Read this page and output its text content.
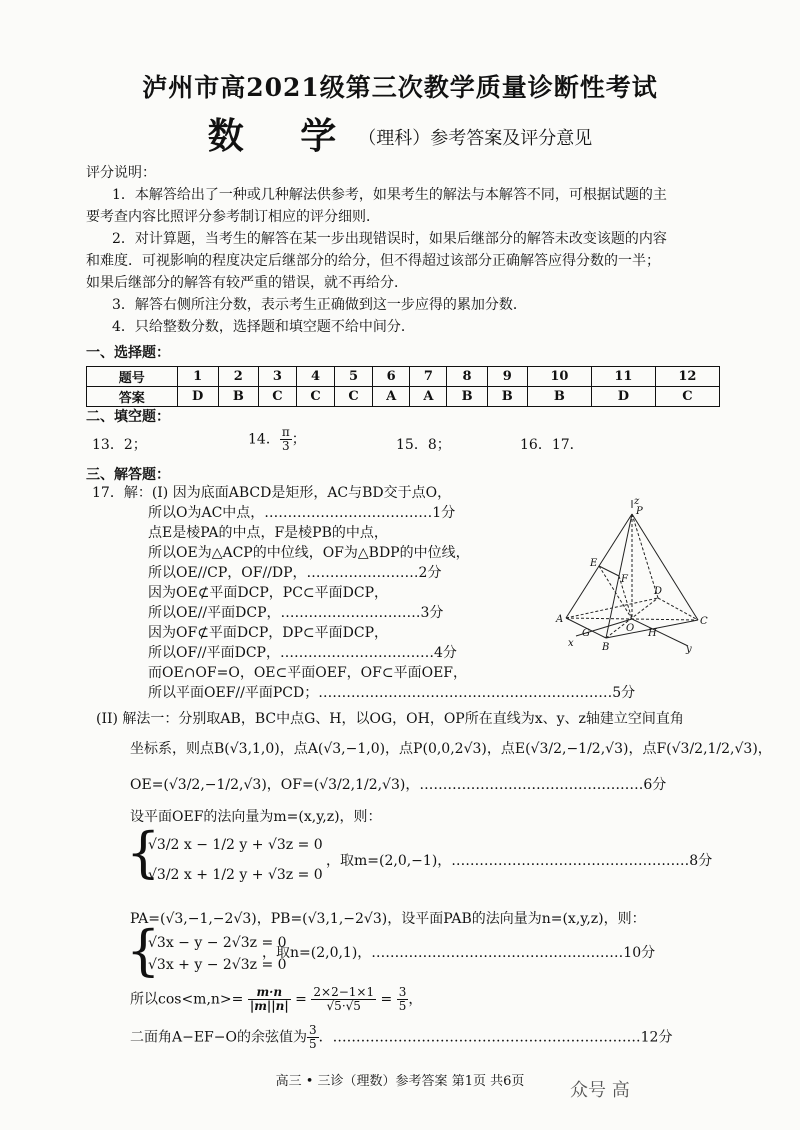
泸州市高2021级第三次教学质量诊断性考试
数 学（理科）参考答案及评分意见
评分说明：
1．本解答给出了一种或几种解法供参考，如果考生的解法与本解答不同，可根据试题的主
要考查内容比照评分参考制订相应的评分细则．
2．对计算题，当考生的解答在某一步出现错误时，如果后继部分的解答未改变该题的内容
和难度．可视影响的程度决定后继部分的给分，但不得超过该部分正确解答应得分数的一半；
如果后继部分的解答有较严重的错误，就不再给分．
3．解答右侧所注分数，表示考生正确做到这一步应得的累加分数．
4．只给整数分数，选择题和填空题不给中间分．
一、选择题：
题号	1	2	3	4	5	6	7	8	9	10	11	12
答案	D	B	C	C	C	A	A	B	B	B	D	C
二、填空题：
13．2；	14． $\frac{\pi}{3}$ ；	15．8；	16．17．
三、解答题：
17．解：(I) 因为底面ABCD是矩形，AC与BD交于点O，
所以O为AC中点，………………………………1分
点E是棱PA的中点，F是棱PB的中点，
所以OE为△ACP的中位线，OF为△BDP的中位线，
所以OE//CP，OF//DP，……………………2分
因为OE⊄平面DCP，PC⊂平面DCP，
所以OE//平面DCP，…………………………3分
因为OF⊄平面DCP，DP⊂平面DCP，
所以OF//平面DCP，……………………………4分
而OE∩OF=O，OE⊂平面OEF，OF⊂平面OEF，
所以平面OEF//平面PCD；………………………………………………………5分
z
P
E
F
D
A
G	O H
C
x	B	y
(II) 解法一：分别取AB，BC中点G、H，以OG，OH，OP所在直线为x、y、z轴建立空间直角
坐标系，则点B(√3,1,0)，点A(√3,−1,0)，点P(0,0,2√3)，点E(√3/2,−1/2,√3)，点F(√3/2,1/2,√3)，
OE=(√3/2,−1/2,√3)，OF=(√3/2,1/2,√3)，…………………………………………6分
设平面OEF的法向量为m=(x,y,z)，则：
{
√3/2 x − 1/2 y + √3z = 0
√3/2 x + 1/2 y + √3z = 0
，取m=(2,0,−1)，……………………………………………8分
PA=(√3,−1,−2√3)，PB=(√3,1,−2√3)，设平面PAB的法向量为n=(x,y,z)，则：
{
√3x − y − 2√3z = 0
√3x + y − 2√3z = 0
，取n=(2,0,1)，………………………………………………10分
所以$\cos<m,n>= \frac{m\cdot n}{|m||n|} = \frac{2\times 2-1\times 1}{√5\cdot√5} = \frac{3}{5}$ ，
二面角A−EF−O的余弦值为 $\frac{3}{5}$ ．…………………………………………………………12分
高三 • 三诊（理数）参考答案 第1页 共6页	众号 高
